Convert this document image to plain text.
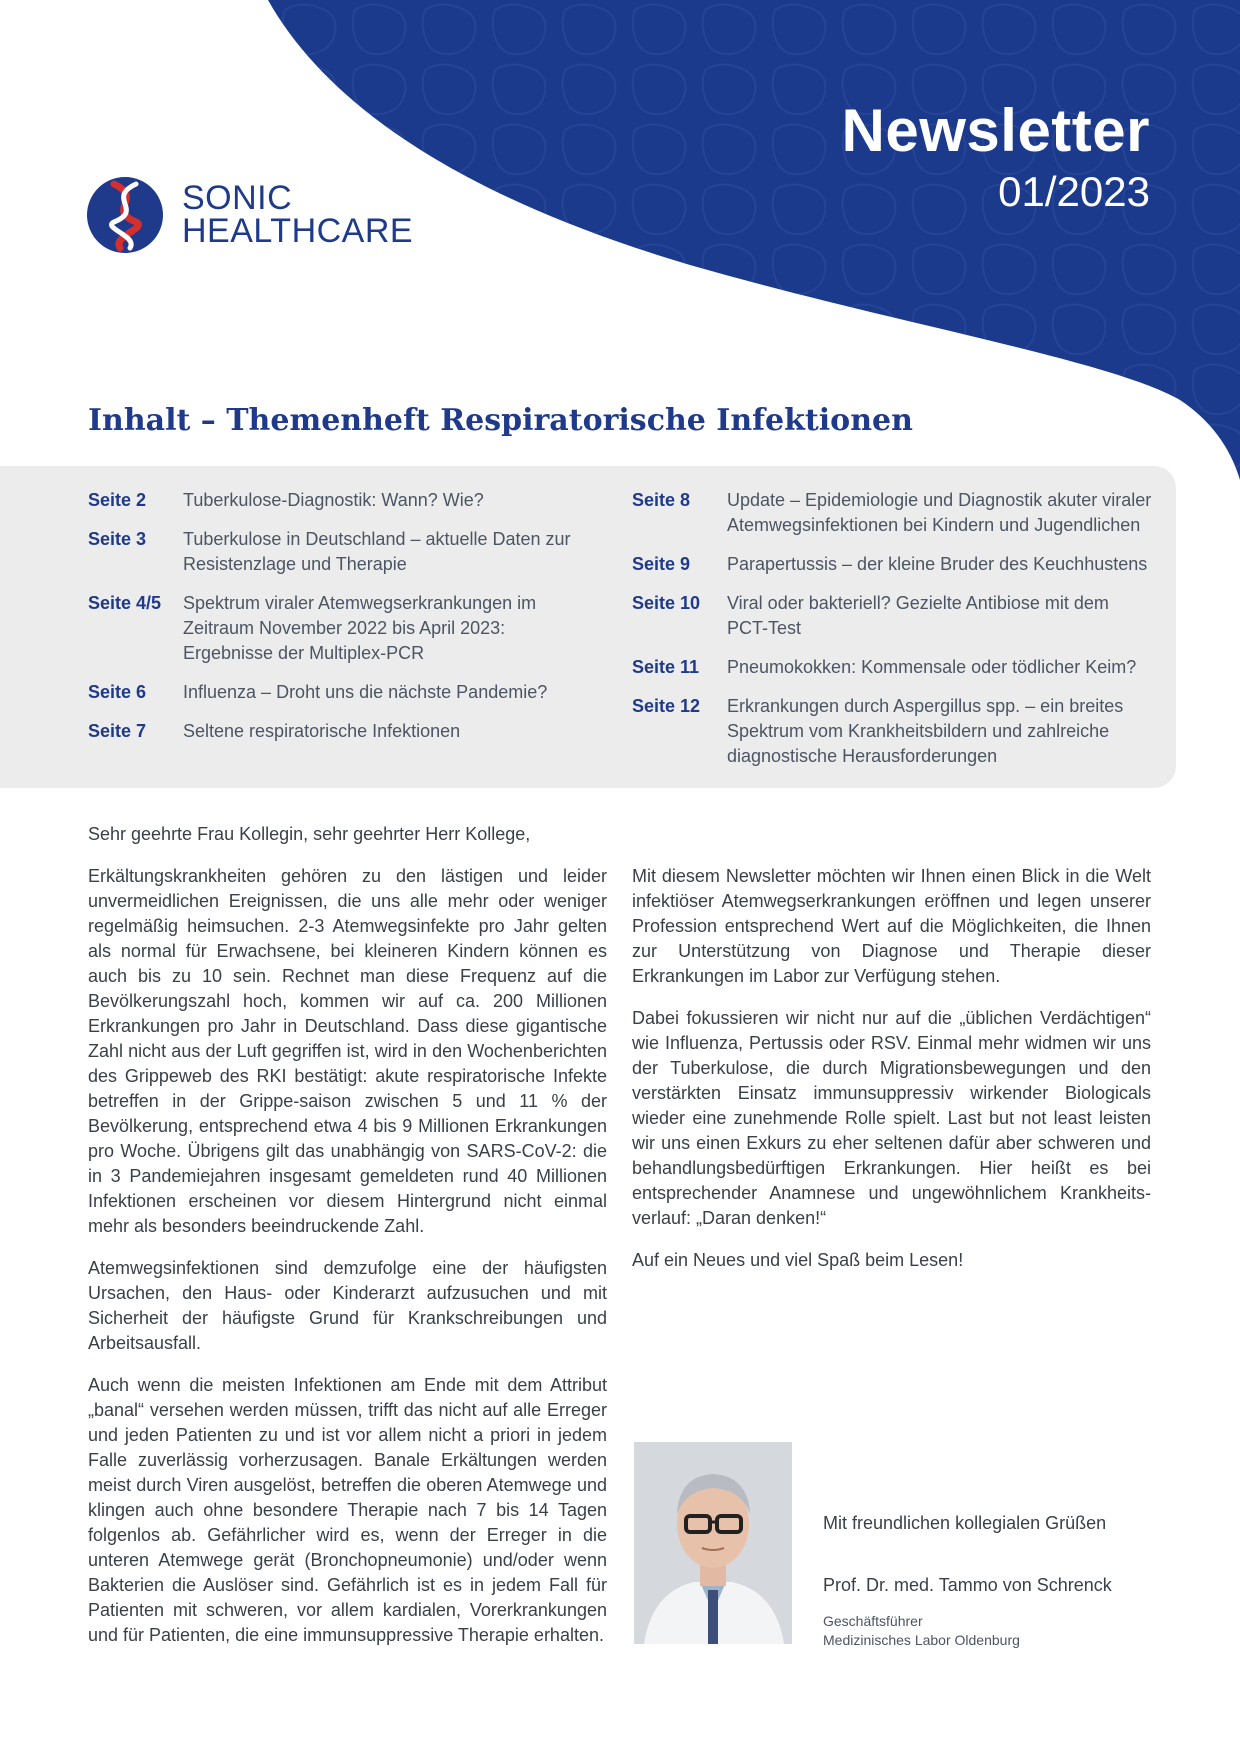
Newsletter
01/2023
SONIC
HEALTHCARE
Inhalt – Themenheft Respiratorische Infektionen
Seite 2	Tuberkulose-Diagnostik: Wann? Wie?
Seite 3	Tuberkulose in Deutschland – aktuelle Daten zur Resistenzlage und Therapie
Seite 4/5	Spektrum viraler Atemwegserkrankungen im Zeitraum November 2022 bis April 2023: Ergebnisse der Multiplex-PCR
Seite 6	Influenza – Droht uns die nächste Pandemie?
Seite 7	Seltene respiratorische Infektionen
Seite 8	Update – Epidemiologie und Diagnostik akuter viraler Atemwegsinfektionen bei Kindern und Jugendlichen
Seite 9	Parapertussis – der kleine Bruder des Keuchhustens
Seite 10	Viral oder bakteriell? Gezielte Antibiose mit dem PCT-Test
Seite 11	Pneumokokken: Kommensale oder tödlicher Keim?
Seite 12	Erkrankungen durch Aspergillus spp. – ein breites Spektrum vom Krankheitsbildern und zahlreiche diagnostische Herausforderungen

Sehr geehrte Frau Kollegin, sehr geehrter Herr Kollege,

Erkältungskrankheiten gehören zu den lästigen und leider unvermeidlichen Ereignissen, die uns alle mehr oder weniger regelmäßig heimsuchen. 2-3 Atemwegsinfekte pro Jahr gelten als normal für Erwachsene, bei kleineren Kindern können es auch bis zu 10 sein. Rechnet man diese Frequenz auf die Bevölkerungszahl hoch, kommen wir auf ca. 200 Millionen Erkrankungen pro Jahr in Deutschland. Dass diese gigantische Zahl nicht aus der Luft gegriffen ist, wird in den Wochenberichten des Grippeweb des RKI bestätigt: akute respiratorische Infekte betreffen in der Grippe-saison zwischen 5 und 11 % der Bevölkerung, entsprechend etwa 4 bis 9 Millionen Erkrankungen pro Woche. Übrigens gilt das unabhängig von SARS-CoV-2: die in 3 Pandemiejahren insgesamt gemeldeten rund 40 Millionen Infektionen erscheinen vor diesem Hintergrund nicht einmal mehr als besonders beeindruckende Zahl.

Atemwegsinfektionen sind demzufolge eine der häufigsten Ursachen, den Haus- oder Kinderarzt aufzusuchen und mit Sicherheit der häufigste Grund für Krankschreibungen und Arbeitsausfall.

Auch wenn die meisten Infektionen am Ende mit dem Attribut „banal“ versehen werden müssen, trifft das nicht auf alle Erreger und jeden Patienten zu und ist vor allem nicht a priori in jedem Falle zuverlässig vorherzusagen. Banale Erkältungen werden meist durch Viren ausgelöst, betreffen die oberen Atemwege und klingen auch ohne besondere Therapie nach 7 bis 14 Tagen folgenlos ab. Gefährlicher wird es, wenn der Erreger in die unteren Atemwege gerät (Bronchopneumonie) und/oder wenn Bakterien die Auslöser sind. Gefährlich ist es in jedem Fall für Patienten mit schweren, vor allem kardialen, Vorerkrankungen und für Patienten, die eine immunsuppressive Therapie erhalten.

Mit diesem Newsletter möchten wir Ihnen einen Blick in die Welt infektiöser Atemwegserkrankungen eröffnen und legen unserer Profession entsprechend Wert auf die Möglichkeiten, die Ihnen zur Unterstützung von Diagnose und Therapie dieser Erkrankungen im Labor zur Verfügung stehen.

Dabei fokussieren wir nicht nur auf die „üblichen Verdächtigen“ wie Influenza, Pertussis oder RSV. Einmal mehr widmen wir uns der Tuberkulose, die durch Migrationsbewegungen und den verstärkten Einsatz immunsuppressiv wirkender Biologicals wieder eine zunehmende Rolle spielt. Last but not least leisten wir uns einen Exkurs zu eher seltenen dafür aber schweren und behandlungsbedürftigen Erkrankungen. Hier heißt es bei entsprechender Anamnese und ungewöhnlichem Krankheits-verlauf: „Daran denken!“

Auf ein Neues und viel Spaß beim Lesen!

Mit freundlichen kollegialen Grüßen
Prof. Dr. med. Tammo von Schrenck
Geschäftsführer
Medizinisches Labor Oldenburg
